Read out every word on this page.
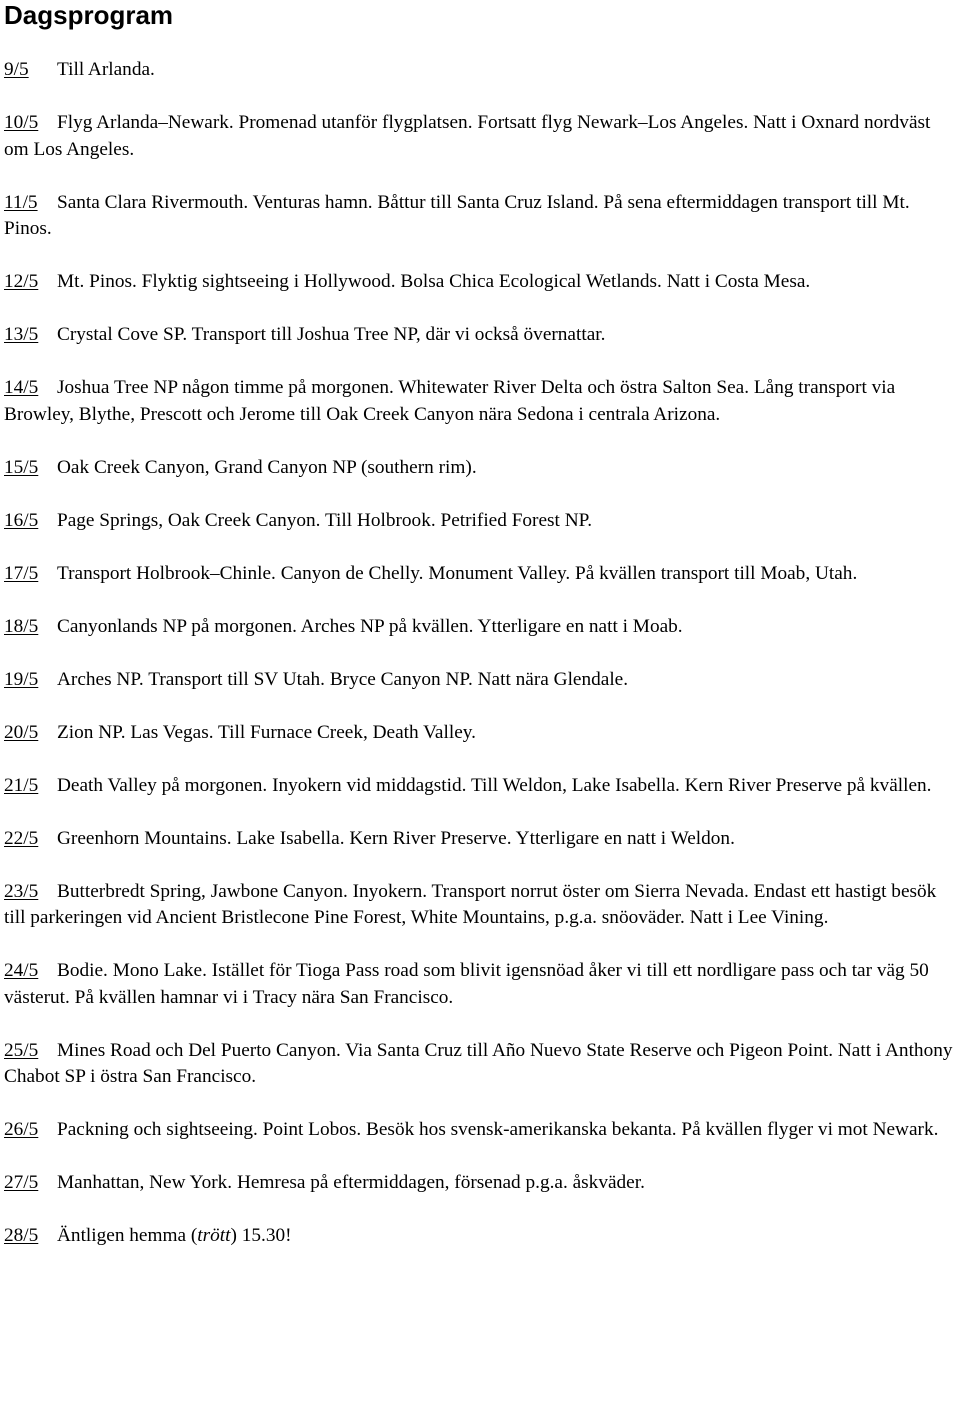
Dagsprogram

9/5 Till Arlanda.

10/5 Flyg Arlanda–Newark. Promenad utanför flygplatsen. Fortsatt flyg Newark–Los Angeles. Natt i Oxnard nordväst om Los Angeles.

11/5 Santa Clara Rivermouth. Venturas hamn. Båttur till Santa Cruz Island. På sena eftermiddagen transport till Mt. Pinos.

12/5 Mt. Pinos. Flyktig sightseeing i Hollywood. Bolsa Chica Ecological Wetlands. Natt i Costa Mesa.

13/5 Crystal Cove SP. Transport till Joshua Tree NP, där vi också övernattar.

14/5 Joshua Tree NP någon timme på morgonen. Whitewater River Delta och östra Salton Sea. Lång transport via Browley, Blythe, Prescott och Jerome till Oak Creek Canyon nära Sedona i centrala Arizona.

15/5 Oak Creek Canyon, Grand Canyon NP (southern rim).

16/5 Page Springs, Oak Creek Canyon. Till Holbrook. Petrified Forest NP.

17/5 Transport Holbrook–Chinle. Canyon de Chelly. Monument Valley. På kvällen transport till Moab, Utah.

18/5 Canyonlands NP på morgonen. Arches NP på kvällen. Ytterligare en natt i Moab.

19/5 Arches NP. Transport till SV Utah. Bryce Canyon NP. Natt nära Glendale.

20/5 Zion NP. Las Vegas. Till Furnace Creek, Death Valley.

21/5 Death Valley på morgonen. Inyokern vid middagstid. Till Weldon, Lake Isabella. Kern River Preserve på kvällen.

22/5 Greenhorn Mountains. Lake Isabella. Kern River Preserve. Ytterligare en natt i Weldon.

23/5 Butterbredt Spring, Jawbone Canyon. Inyokern. Transport norrut öster om Sierra Nevada. Endast ett hastigt besök till parkeringen vid Ancient Bristlecone Pine Forest, White Mountains, p.g.a. snöoväder. Natt i Lee Vining.

24/5 Bodie. Mono Lake. Istället för Tioga Pass road som blivit igensnöad åker vi till ett nordligare pass och tar väg 50 västerut. På kvällen hamnar vi i Tracy nära San Francisco.

25/5 Mines Road och Del Puerto Canyon. Via Santa Cruz till Año Nuevo State Reserve och Pigeon Point. Natt i Anthony Chabot SP i östra San Francisco.

26/5 Packning och sightseeing. Point Lobos. Besök hos svensk-amerikanska bekanta. På kvällen flyger vi mot Newark.

27/5 Manhattan, New York. Hemresa på eftermiddagen, försenad p.g.a. åskväder.

28/5 Äntligen hemma (trött) 15.30!
